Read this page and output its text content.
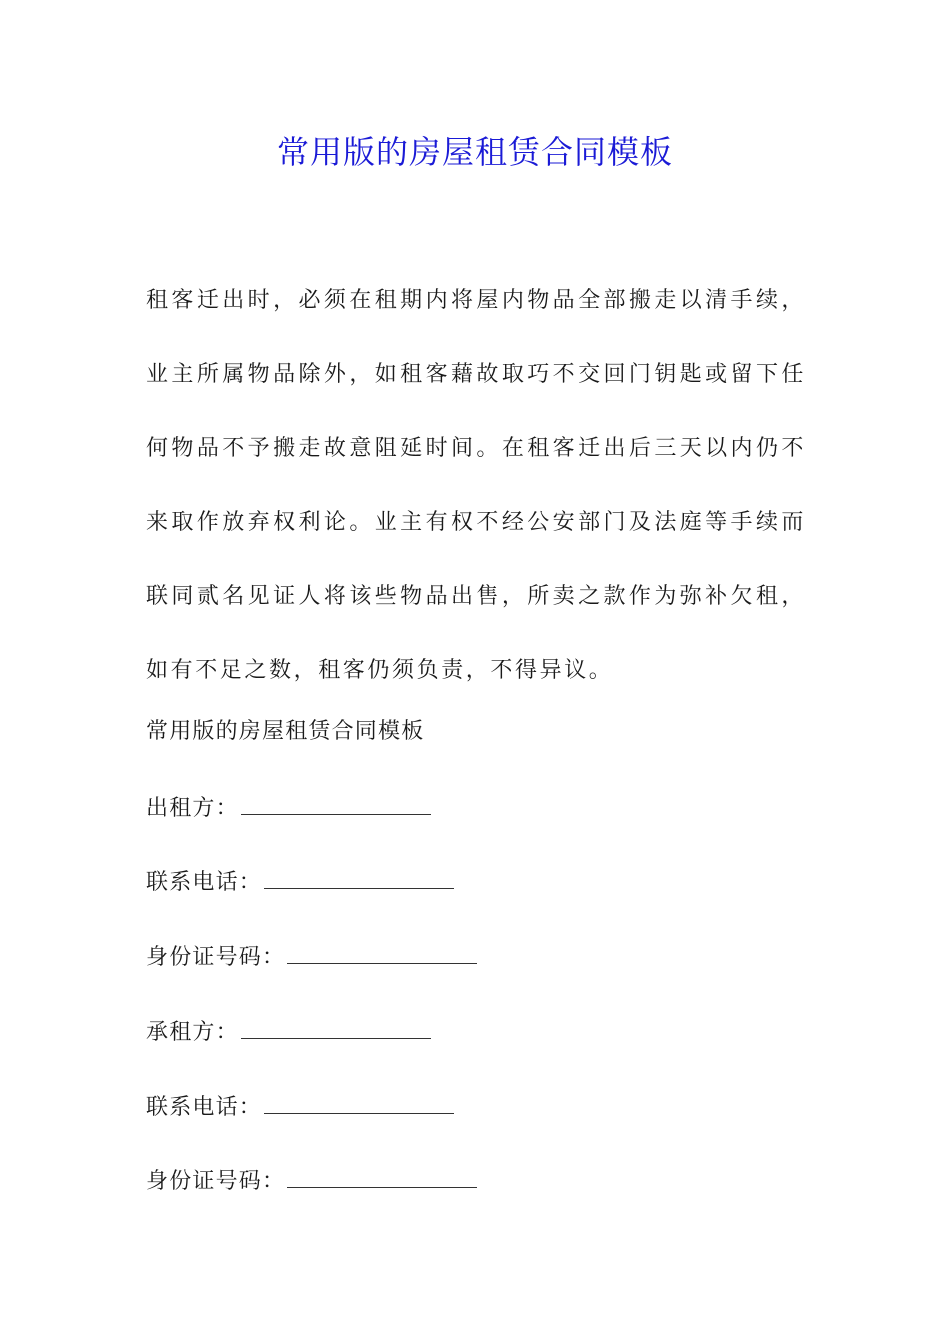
常用版的房屋租赁合同模板

租客迁出时，必须在租期内将屋内物品全部搬走以清手续，业主所属物品除外，如租客藉故取巧不交回门钥匙或留下任何物品不予搬走故意阻延时间。在租客迁出后三天以内仍不来取作放弃权利论。业主有权不经公安部门及法庭等手续而联同贰名见证人将该些物品出售，所卖之款作为弥补欠租，如有不足之数，租客仍须负责，不得异议。

常用版的房屋租赁合同模板
出租方：
联系电话：
身份证号码：
承租方：
联系电话：
身份证号码：
